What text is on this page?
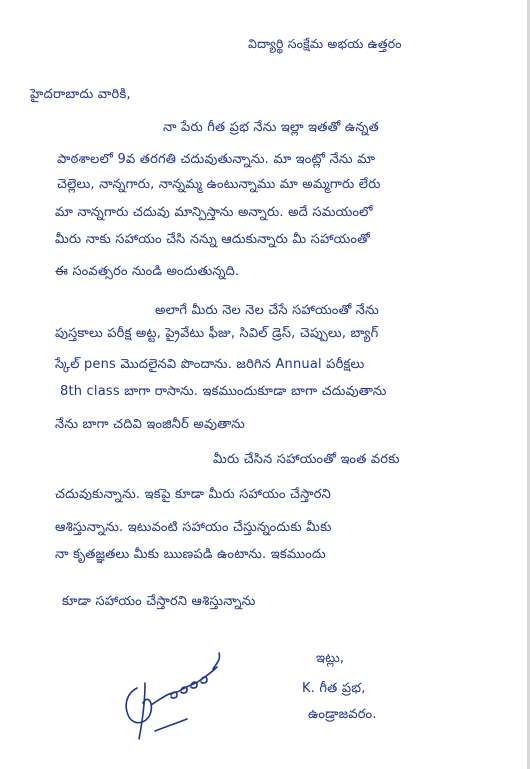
విద్యార్థి సంక్షేమ అభయ ఉత్తరం
హైదరాబాదు వారికి,
నా పేరు గీత ప్రభ నేను ఇల్లా ఇతతో ఉన్నత
పాఠశాలలో 9వ తరగతి చదువుతున్నాను. మా ఇంట్లో నేను మా
చెల్లెలు, నాన్నగారు, నాన్నమ్మ ఉంటున్నాము మా అమ్మగారు లేరు
మా నాన్నగారు చదువు మాన్పిస్తాను అన్నారు. అదే సమయంలో
మీరు నాకు సహాయం చేసి నన్ను ఆదుకున్నారు మీ సహాయంతో
ఈ సంవత్సరం నుండి అందుతున్నది.
అలాగే మీరు నెల నెల చేసే సహాయంతో నేను
పుస్తకాలు పరీక్ష అట్ట, ప్రైవేటు ఫీజు, సివిల్ డ్రెస్, చెప్పులు, బ్యాగ్
స్కేల్ pens మొదలైనవి పొందాను. జరిగిన Annual పరీక్షలు
8th class బాగా రాసాను. ఇకముందుకూడా బాగా చదువుతాను
నేను బాగా చదివి ఇంజినీర్ అవుతాను
మీరు చేసిన సహాయంతో ఇంత వరకు
చదువుకున్నాను. ఇకపై కూడా మీరు సహాయం చేస్తారని
ఆశిస్తున్నాను. ఇటువంటి సహాయం చేస్తున్నందుకు మీకు
నా కృతజ్ఞతలు మీకు ఋణపడి ఉంటాను. ఇకముందు
కూడా సహాయం చేస్తారని ఆశిస్తున్నాను
ఇట్లు,
K. గీత ప్రభ,
ఉండ్రాజవరం.
